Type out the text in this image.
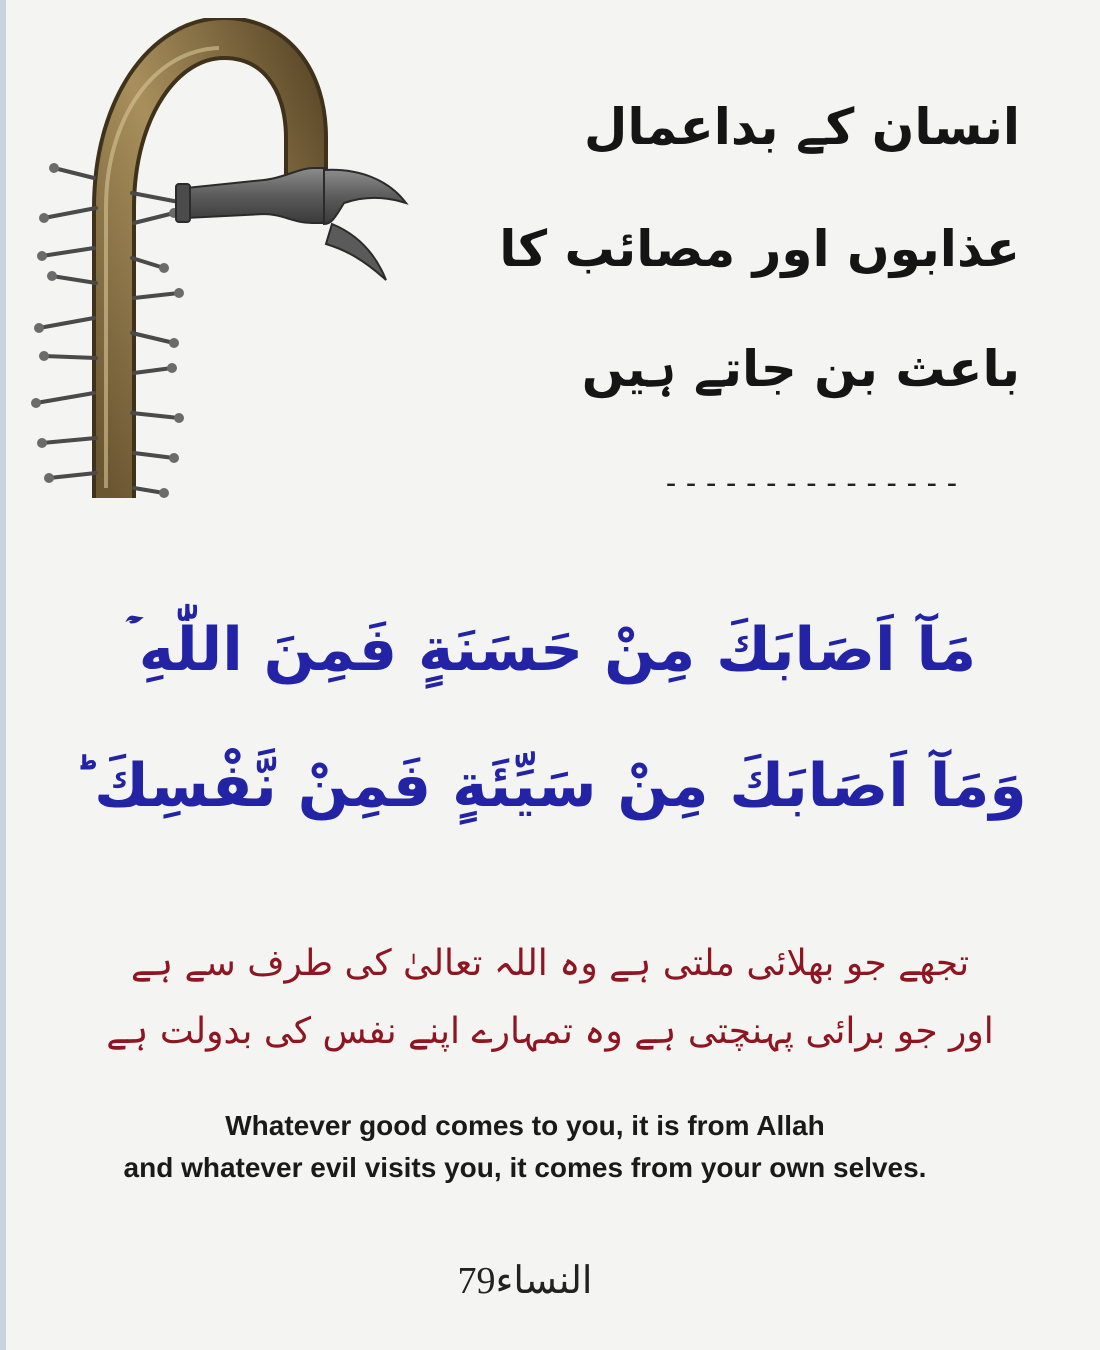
انسان کے بداعمال
عذابوں اور مصائب کا
باعث بن جاتے ہیں
---------------
مَآ اَصَابَكَ مِنْ حَسَنَةٍ فَمِنَ اللّٰهِ ۡ
وَمَآ اَصَابَكَ مِنْ سَيِّئَةٍ فَمِنْ نَّفْسِكَ ؕ
تجھے جو بھلائی ملتی ہے وہ اللہ تعالیٰ کی طرف سے ہے
اور جو برائی پہنچتی ہے وہ تمہارے اپنے نفس کی بدولت ہے
Whatever good comes to you, it is from Allah
and whatever evil visits you, it comes from your own selves.
النساء79
